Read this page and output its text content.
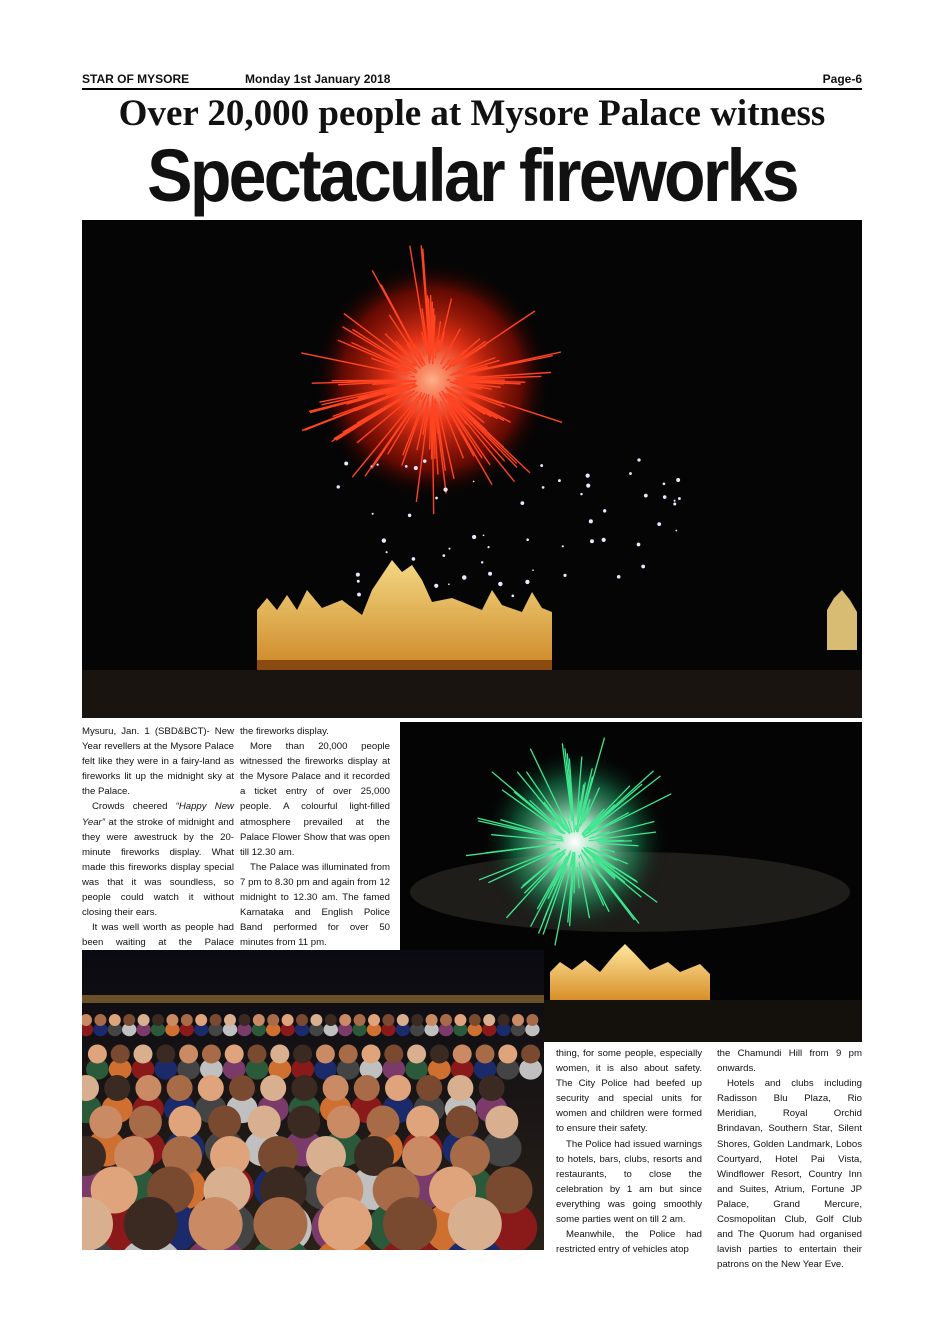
STAR OF MYSORE	Monday 1st January 2018	Page-6
Over 20,000 people at Mysore Palace witness
Spectacular fireworks

Mysuru, Jan. 1 (SBD&BCT)- New Year revellers at the Mysore Palace felt like they were in a fairy-land as fireworks lit up the midnight sky at the Palace.

Crowds cheered “Happy New Year” at the stroke of midnight and they were awestruck by the 20-minute fireworks display. What made this fireworks display special was that it was soundless, so people could watch it without closing their ears.

It was well worth as people had been waiting at the Palace

the fireworks display.

More than 20,000 people witnessed the fireworks display at the Mysore Palace and it recorded a ticket entry of over 25,000 people. A colourful light-filled atmosphere prevailed at the Palace Flower Show that was open till 12.30 am.

The Palace was illuminated from 7 pm to 8.30 pm and again from 12 midnight to 12.30 am. The famed Karnataka and English Police Band performed for over 50 minutes from 11 pm.

thing, for some people, especially women, it is also about safety. The City Police had beefed up security and special units for women and children were formed to ensure their safety.

The Police had issued warnings to hotels, bars, clubs, resorts and restaurants, to close the celebration by 1 am but since everything was going smoothly some parties went on till 2 am.

Meanwhile, the Police had restricted entry of vehicles atop

the Chamundi Hill from 9 pm onwards.

Hotels and clubs including Radisson Blu Plaza, Rio Meridian, Royal Orchid Brindavan, Southern Star, Silent Shores, Golden Landmark, Lobos Courtyard, Hotel Pai Vista, Windflower Resort, Country Inn and Suites, Atrium, Fortune JP Palace, Grand Mercure, Cosmopolitan Club, Golf Club and The Quorum had organised lavish parties to entertain their patrons on the New Year Eve.
